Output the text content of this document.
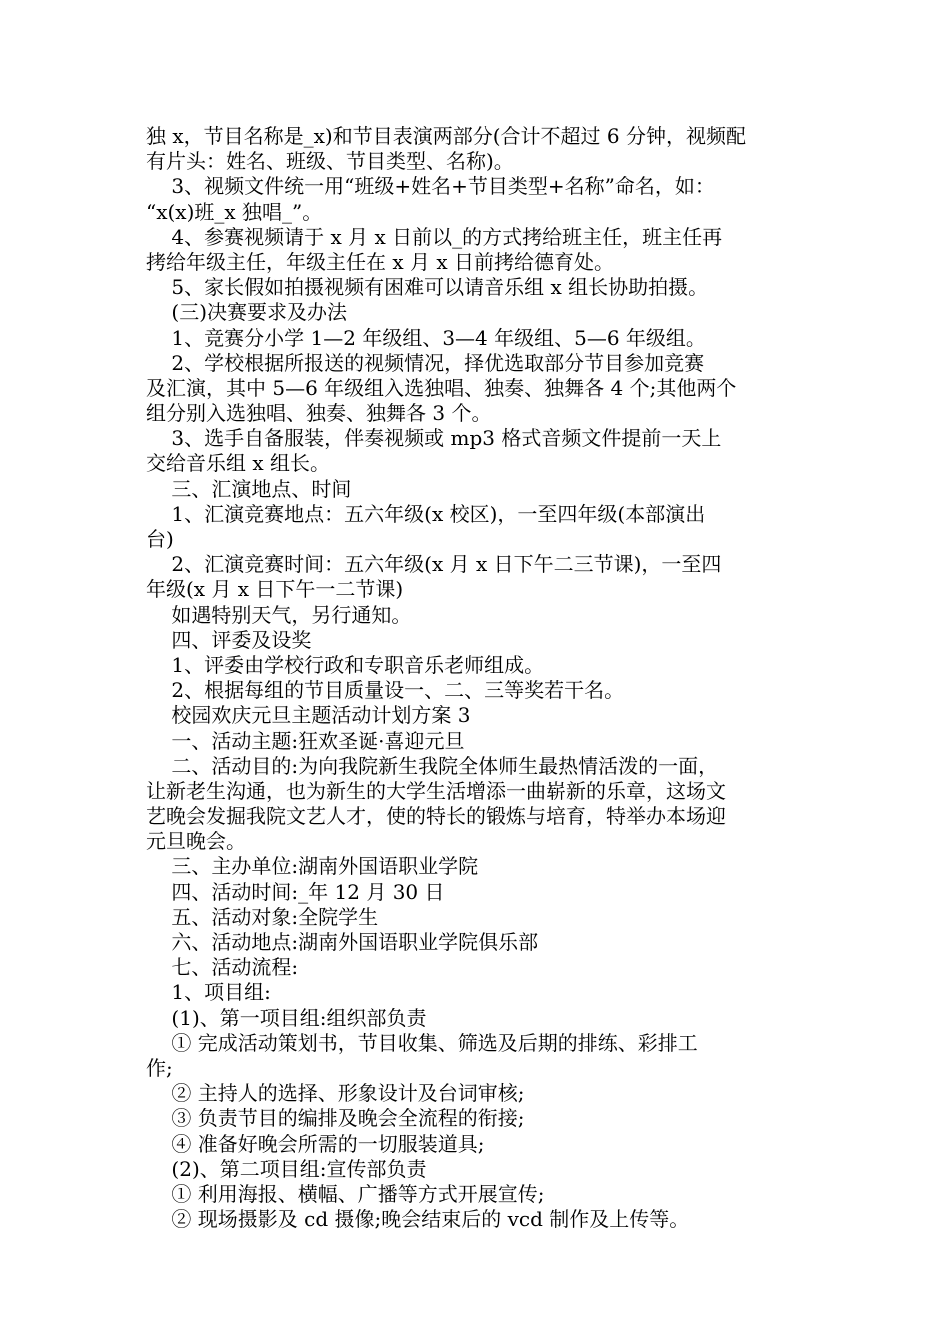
独 x，节目名称是_x)和节目表演两部分(合计不超过 6 分钟，视频配
有片头：姓名、班级、节目类型、名称)。
3、视频文件统一用“班级+姓名+节目类型+名称”命名，如：
“x(x)班_x 独唱_”。
4、参赛视频请于 x 月 x 日前以_的方式拷给班主任，班主任再
拷给年级主任，年级主任在 x 月 x 日前拷给德育处。
5、家长假如拍摄视频有困难可以请音乐组 x 组长协助拍摄。
(三)决赛要求及办法
1、竞赛分小学 1—2 年级组、3—4 年级组、5—6 年级组。
2、学校根据所报送的视频情况，择优选取部分节目参加竞赛
及汇演，其中 5—6 年级组入选独唱、独奏、独舞各 4 个;其他两个
组分别入选独唱、独奏、独舞各 3 个。
3、选手自备服装，伴奏视频或 mp3 格式音频文件提前一天上
交给音乐组 x 组长。
三、汇演地点、时间
1、汇演竞赛地点：五六年级(x 校区)，一至四年级(本部演出
台)
2、汇演竞赛时间：五六年级(x 月 x 日下午二三节课)，一至四
年级(x 月 x 日下午一二节课)
如遇特别天气，另行通知。
四、评委及设奖
1、评委由学校行政和专职音乐老师组成。
2、根据每组的节目质量设一、二、三等奖若干名。
校园欢庆元旦主题活动计划方案 3
一、活动主题:狂欢圣诞·喜迎元旦
二、活动目的:为向我院新生我院全体师生最热情活泼的一面，
让新老生沟通，也为新生的大学生活增添一曲崭新的乐章，这场文
艺晚会发掘我院文艺人才，使的特长的锻炼与培育，特举办本场迎
元旦晚会。
三、主办单位:湖南外国语职业学院
四、活动时间:_年 12 月 30 日
五、活动对象:全院学生
六、活动地点:湖南外国语职业学院俱乐部
七、活动流程:
1、项目组:
(1)、第一项目组:组织部负责
① 完成活动策划书，节目收集、筛选及后期的排练、彩排工
作;
② 主持人的选择、形象设计及台词审核;
③ 负责节目的编排及晚会全流程的衔接;
④ 准备好晚会所需的一切服装道具;
(2)、第二项目组:宣传部负责
① 利用海报、横幅、广播等方式开展宣传;
② 现场摄影及 cd 摄像;晚会结束后的 vcd 制作及上传等。
